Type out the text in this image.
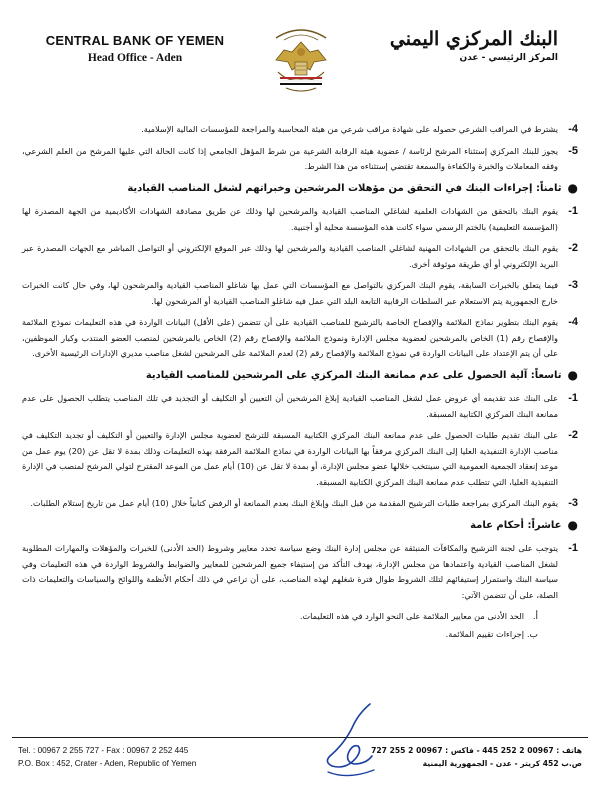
CENTRAL BANK OF YEMEN
Head Office - Aden
البنك المركزي اليمني
المركز الرئيسي - عدن
4-
يشترط في المراقب الشرعي حصوله على شهادة مراقب شرعي من هيئة المحاسبة والمراجعة للمؤسسات المالية الإسلامية.
5-
يجوز للبنك المركزي إستثناء المرشح لرئاسة / عضوية هيئة الرقابة الشرعية من شرط المؤهل الجامعي إذا كانت الحالة التي عليها المرشح من العلم الشرعي، وفقه المعاملات والخبرة والكفاءة والسمعة تقتضي إستثناءه من هذا الشرط.
●
ثامناً: إجراءات البنك في التحقق من مؤهلات المرشحين وخبراتهم لشغل المناصب القيادية
1-
يقوم البنك بالتحقق من الشهادات العلمية لشاغلي المناصب القيادية والمرشحين لها وذلك عن طريق مصادقة الشهادات الأكاديمية من الجهة المصدرة لها (المؤسسة التعليمية) بالختم الرسمي سواء كانت هذه المؤسسة محلية أو أجنبية.
2-
يقوم البنك بالتحقق من الشهادات المهنية لشاغلي المناصب القيادية والمرشحين لها وذلك عبر الموقع الإلكتروني أو التواصل المباشر مع الجهات المصدرة عبر البريد الإلكتروني أو أي طريقة موثوقة أخرى.
3-
فيما يتعلق بالخبرات السابقة، يقوم البنك المركزي بالتواصل مع المؤسسات التي عمل بها شاغلو المناصب القيادية والمرشحون لها، وفي حال كانت الخبرات خارج الجمهورية يتم الاستعلام عبر السلطات الرقابية التابعة البلد التي عمل فيه شاغلو المناصب القيادية أو المرشحون لها.
4-
يقوم البنك بتطوير نماذج الملائمة والإفصاح الخاصة بالترشيح للمناصب القيادية على أن تتضمن (على الأقل) البيانات الواردة في هذه التعليمات نموذج الملائمة والإفصاح رقم (1) الخاص بالمرشحين لعضوية مجلس الإدارة ونموذج الملائمة والإفصاح رقم (2) الخاص بالمرشحين لمنصب العضو المنتدب وكبار الموظفين، على أن يتم الإعتداد على البيانات الواردة في نموذج الملائمة والإفصاح رقم (2) لعدم الملائمة على المرشحين لشغل مناصب مديري الإدارات الرئيسية الأخرى.
●
تاسعاً: آلية الحصول على عدم ممانعة البنك المركزي على المرشحين للمناصب القيادية
1-
على البنك عند تقديمه أي عروض عمل لشغل المناصب القيادية إبلاغ المرشحين أن التعيين أو التكليف أو التجديد في تلك المناصب يتطلب الحصول على عدم ممانعة البنك المركزي الكتابية المسبقة.
2-
على البنك تقديم طلبات الحصول على عدم ممانعة البنك المركزي الكتابية المسبقة للترشح لعضوية مجلس الإدارة والتعيين أو التكليف أو تجديد التكليف في مناصب الإدارة التنفيذية العليا إلى البنك المركزي مرفقاً بها البيانات الواردة في نماذج الملائمة المرفقة بهذه التعليمات وذلك بمدة لا تقل عن (20) يوم عمل من موعد إنعقاد الجمعية العمومية التي سينتخب خلالها عضو مجلس الإدارة، أو بمدة لا تقل عن (10) أيام عمل من الموعد المقترح لتولي المرشح لمنصب في الإدارة التنفيذية العليا، التي تتطلب عدم ممانعة البنك المركزي الكتابية المسبقة.
3-
يقوم البنك المركزي بمراجعة طلبات الترشيح المقدمة من قبل البنك وإبلاغ البنك بعدم الممانعة أو الرفض كتابياً خلال (10) أيام عمل من تاريخ إستلام الطلبات.
●
عاشراً: أحكام عامة
1-
يتوجب على لجنة الترشيح والمكافآت المنبثقة عن مجلس إدارة البنك وضع سياسة تحدد معايير وشروط (الحد الأدنى) للخبرات والمؤهلات والمهارات المطلوبة لشغل المناصب القيادية واعتمادها من مجلس الإدارة، بهدف التأكد من إستيفاء جميع المرشحين للمعايير والضوابط والشروط الواردة في هذه التعليمات وفي سياسة البنك واستمرار إستيفائهم لتلك الشروط طوال فترة شغلهم لهذه المناصب، على أن تراعي في ذلك أحكام الأنظمة واللوائح والسياسات والتعليمات ذات الصلة، على أن تتضمن الآتي:
أ.
الحد الأدنى من معايير الملائمة على النحو الوارد في هذه التعليمات.
ب.
إجراءات تقييم الملائمة.
Tel. : 00967 2 255 727 - Fax : 00967 2 252 445
P.O. Box : 452, Crater - Aden, Republic of Yemen
هاتف : 00967 2 252 445 - فاكس : 00967 2 255 727
ص.ب 452 كريتر - عدن - الجمهورية اليمنية
